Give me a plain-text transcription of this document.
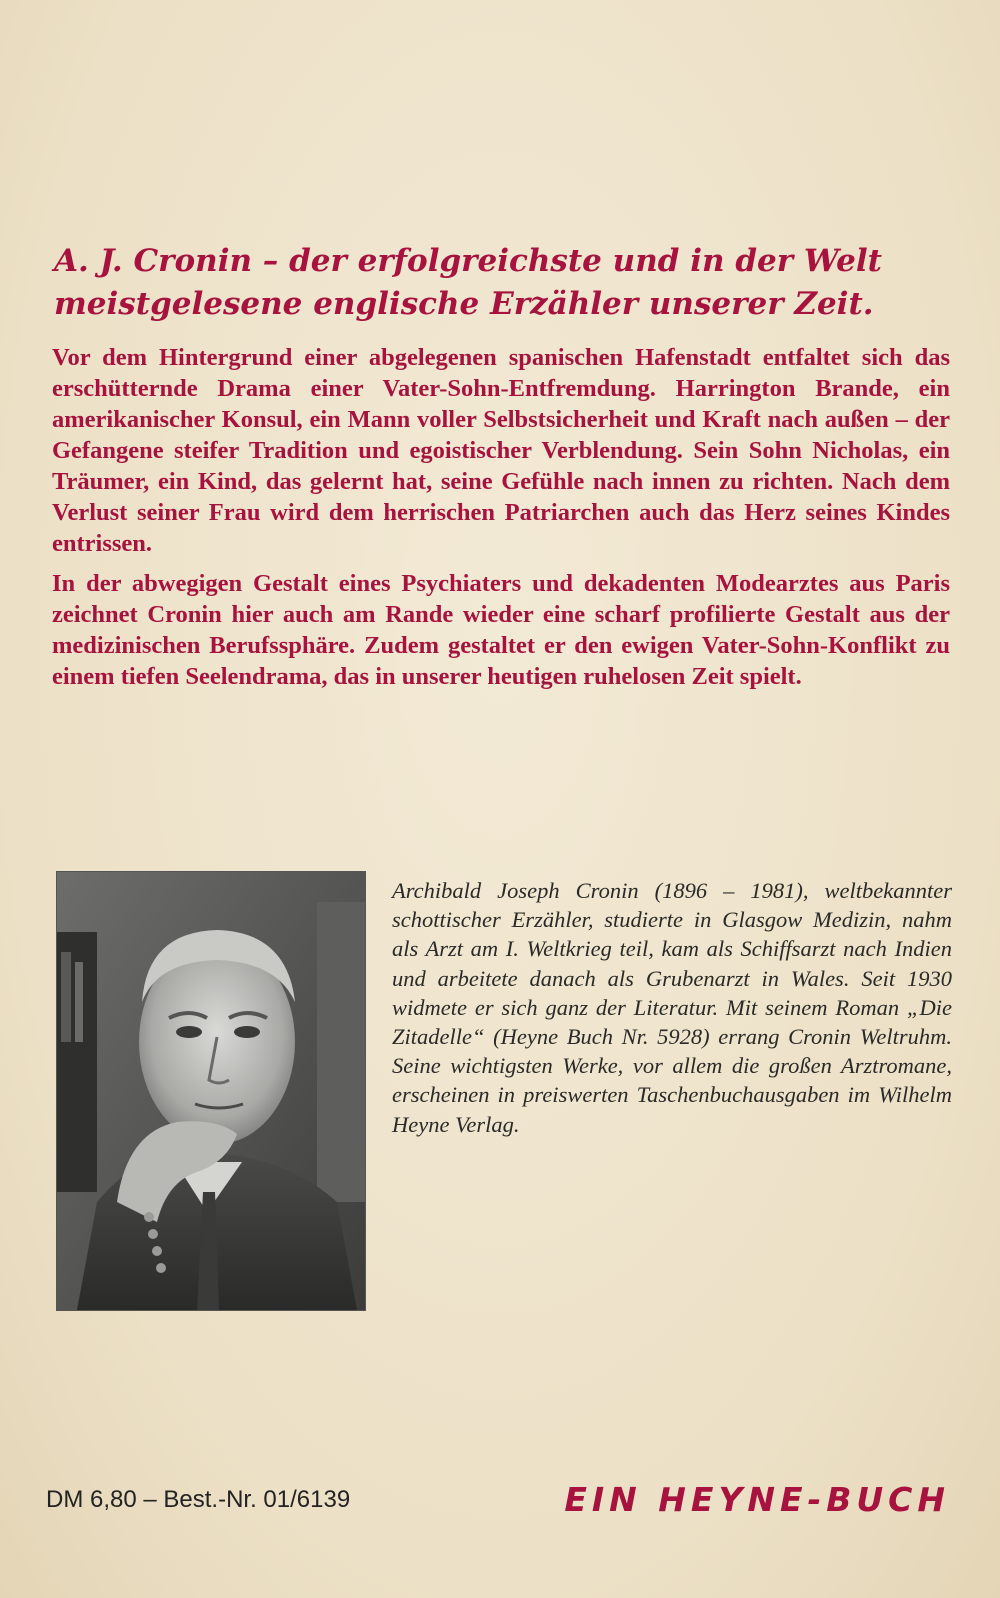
A. J. Cronin – der erfolgreichste und in der Welt
meistgelesene englische Erzähler unserer Zeit.

Vor dem Hintergrund einer abgelegenen spanischen Hafenstadt entfaltet sich das erschütternde Drama einer Vater-Sohn-Entfremdung. Harrington Brande, ein amerikanischer Konsul, ein Mann voller Selbstsicherheit und Kraft nach außen – der Gefangene steifer Tradition und egoistischer Verblendung. Sein Sohn Nicholas, ein Träumer, ein Kind, das gelernt hat, seine Gefühle nach innen zu richten. Nach dem Verlust seiner Frau wird dem herrischen Patriarchen auch das Herz seines Kindes entrissen.

In der abwegigen Gestalt eines Psychiaters und dekadenten Modearztes aus Paris zeichnet Cronin hier auch am Rande wieder eine scharf profilierte Gestalt aus der medizinischen Berufssphäre. Zudem gestaltet er den ewigen Vater-Sohn-Konflikt zu einem tiefen Seelendrama, das in unserer heutigen ruhelosen Zeit spielt.

Archibald Joseph Cronin (1896 – 1981), weltbekannter schottischer Erzähler, studierte in Glasgow Medizin, nahm als Arzt am I. Weltkrieg teil, kam als Schiffsarzt nach Indien und arbeitete danach als Grubenarzt in Wales. Seit 1930 widmete er sich ganz der Literatur. Mit seinem Roman „Die Zitadelle“ (Heyne Buch Nr. 5928) errang Cronin Weltruhm. Seine wichtigsten Werke, vor allem die großen Arztromane, erscheinen in preiswerten Taschenbuchausgaben im Wilhelm Heyne Verlag.

DM 6,80 – Best.-Nr. 01/6139	EIN HEYNE-BUCH
